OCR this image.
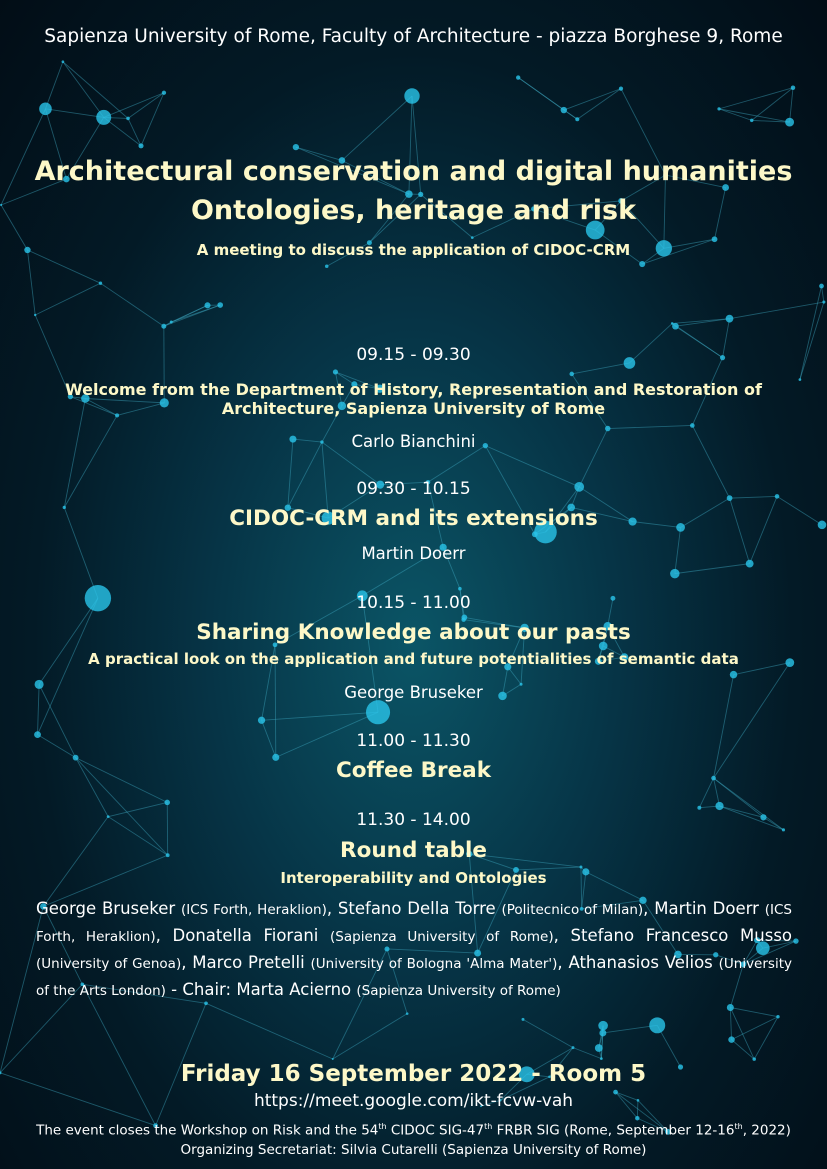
Sapienza University of Rome, Faculty of Architecture - piazza Borghese 9, Rome
Architectural conservation and digital humanities
Ontologies, heritage and risk
A meeting to discuss the application of CIDOC-CRM
09.15 - 09.30
Welcome from the Department of History, Representation and Restoration of
Architecture, Sapienza University of Rome
Carlo Bianchini
09.30 - 10.15
CIDOC-CRM and its extensions
Martin Doerr
10.15 - 11.00
Sharing Knowledge about our pasts
A practical look on the application and future potentialities of semantic data
George Bruseker
11.00 - 11.30
Coffee Break
11.30 - 14.00
Round table
Interoperability and Ontologies
George Bruseker (ICS Forth, Heraklion), Stefano Della Torre (Politecnico of Milan), Martin Doerr (ICS Forth, Heraklion), Donatella Fiorani (Sapienza University of Rome), Stefano Francesco Musso (University of Genoa), Marco Pretelli (University of Bologna 'Alma Mater'), Athanasios Velios (University of the Arts London) - Chair: Marta Acierno (Sapienza University of Rome)
Friday 16 September 2022 - Room 5
https://meet.google.com/ikt-fcvw-vah
The event closes the Workshop on Risk and the 54th CIDOC SIG-47th FRBR SIG (Rome, September 12-16th, 2022)
Organizing Secretariat: Silvia Cutarelli (Sapienza University of Rome)
